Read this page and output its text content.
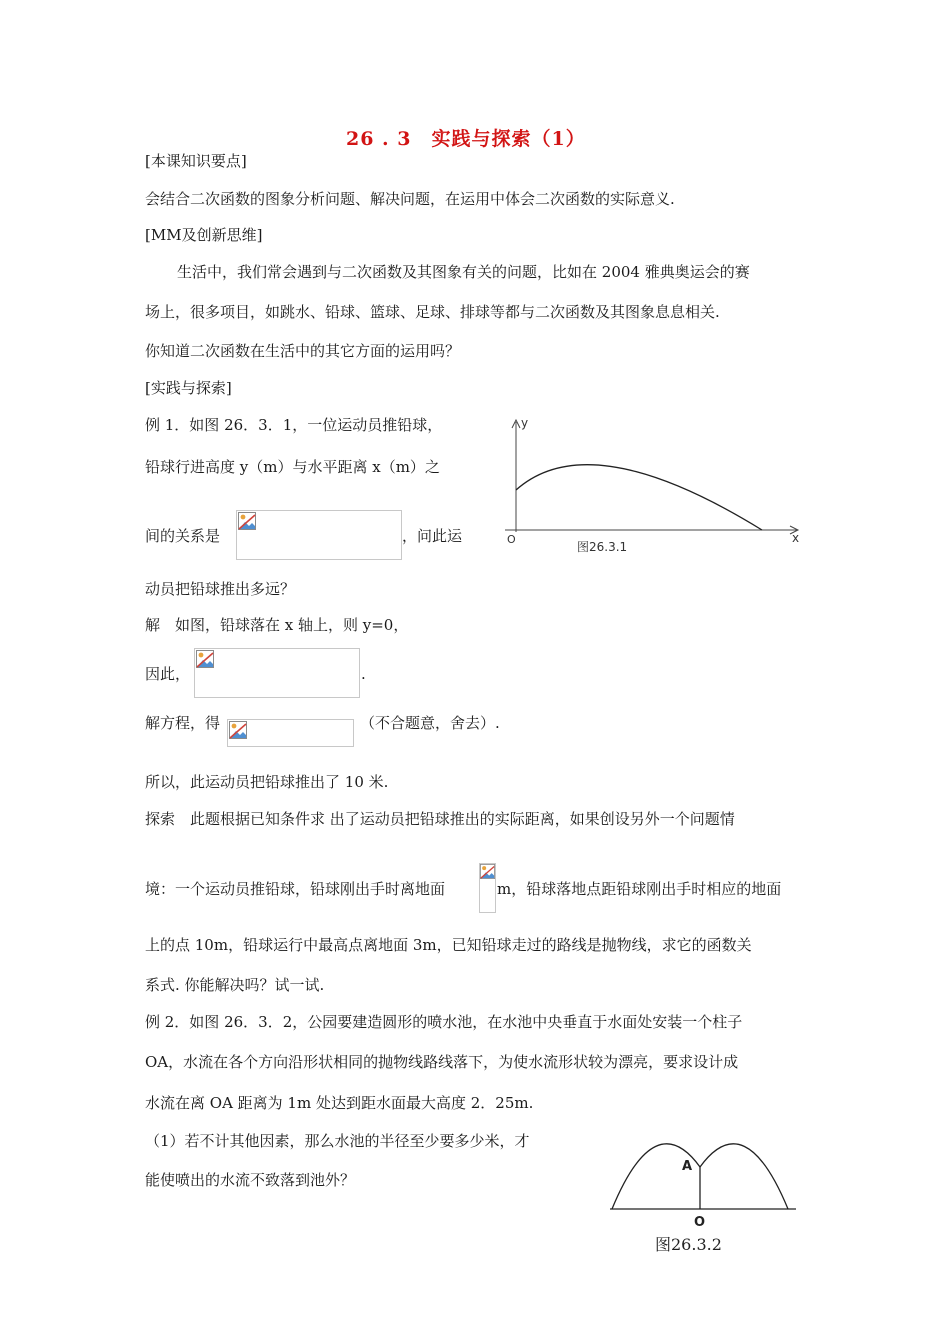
26 . 3　实践与探索（1）
[本课知识要点]
会结合二次函数的图象分析问题、解决问题，在运用中体会二次函数的实际意义.
[MM及创新思维]
生活中，我们常会遇到与二次函数及其图象有关的问题，比如在 2004 雅典奥运会的赛
场上，很多项目，如跳水、铅球、篮球、足球、排球等都与二次函数及其图象息息相关.
你知道二次函数在生活中的其它方面的运用吗？
[实践与探索]
例 1．如图 26．3．1，一位运动员推铅球，
铅球行进高度 y（m）与水平距离 x（m）之
间的关系是	，问此运
动员把铅球推出多远？
y
x
O
图26.3.1
解　如图，铅球落在 x 轴上，则 y=0，
因此，	.
解方程，得	（不合题意，舍去）.
所以，此运动员把铅球推出了 10 米.
探索　此题根据已知条件求 出了运动员把铅球推出的实际距离，如果创设另外一个问题情
境：一个运动员推铅球，铅球刚出手时离地面	m，铅球落地点距铅球刚出手时相应的地面
上的点 10m，铅球运行中最高点离地面 3m，已知铅球走过的路线是抛物线，求它的函数关
系式. 你能解决吗？试一试.
例 2．如图 26．3．2，公园要建造圆形的喷水池，在水池中央垂直于水面处安装一个柱子
OA，水流在各个方向沿形状相同的抛物线路线落下，为使水流形状较为漂亮，要求设计成
水流在离 OA 距离为 1m 处达到距水面最大高度 2．25m.
（1）若不计其他因素，那么水池的半径至少要多少米，才
能使喷出的水流不致落到池外？
A
O
图26.3.2
